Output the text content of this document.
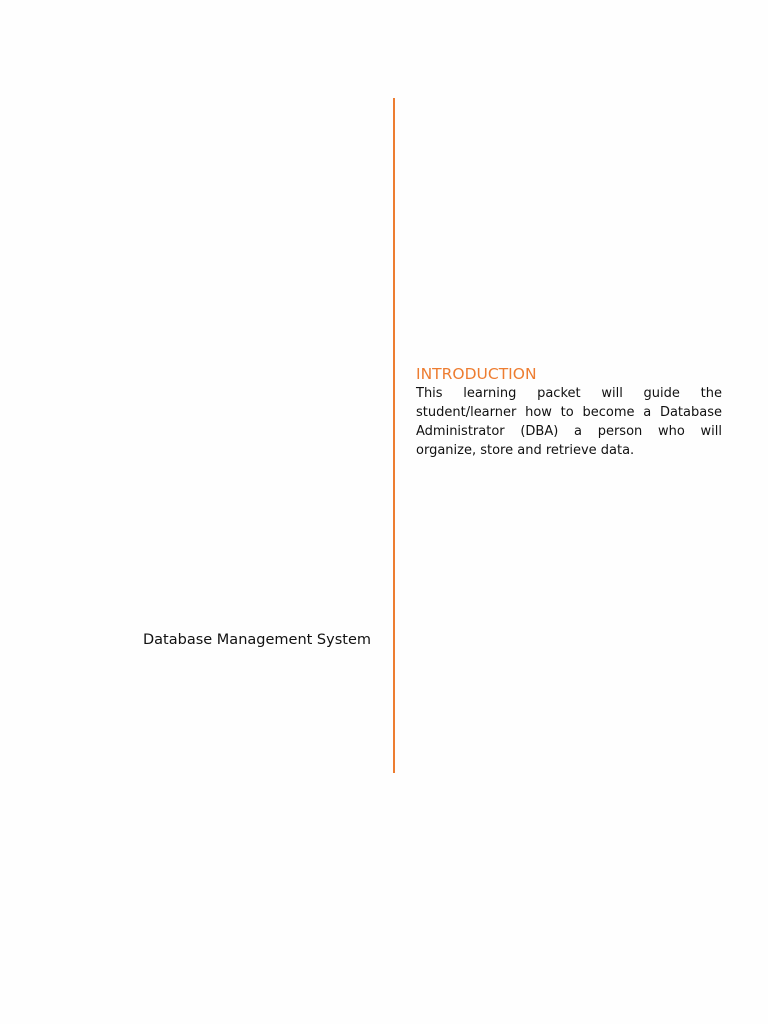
Database Management System
INTRODUCTION

This learning packet will guide the student/learner how to become a Database Administrator (DBA) a person who will organize, store and retrieve data.
